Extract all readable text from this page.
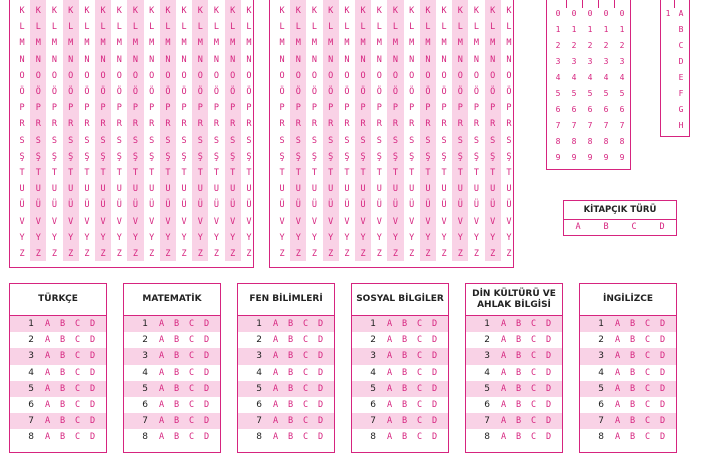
K	K	K	K	K	K	K	K	K	K	K	K	K	K	K
L	L	L	L	L	L	L	L	L	L	L	L	L	L	L
M	M	M	M	M	M	M	M	M	M	M	M	M	M	M
N	N	N	N	N	N	N	N	N	N	N	N	N	N	N
O	O	O	O	O	O	O	O	O	O	O	O	O	O	O
Ö	Ö	Ö	Ö	Ö	Ö	Ö	Ö	Ö	Ö	Ö	Ö	Ö	Ö	Ö
P	P	P	P	P	P	P	P	P	P	P	P	P	P	P
R	R	R	R	R	R	R	R	R	R	R	R	R	R	R
S	S	S	S	S	S	S	S	S	S	S	S	S	S	S
Ş	Ş	Ş	Ş	Ş	Ş	Ş	Ş	Ş	Ş	Ş	Ş	Ş	Ş	Ş
T	T	T	T	T	T	T	T	T	T	T	T	T	T	T
U	U	U	U	U	U	U	U	U	U	U	U	U	U	U
Ü	Ü	Ü	Ü	Ü	Ü	Ü	Ü	Ü	Ü	Ü	Ü	Ü	Ü	Ü
V	V	V	V	V	V	V	V	V	V	V	V	V	V	V
Y	Y	Y	Y	Y	Y	Y	Y	Y	Y	Y	Y	Y	Y	Y
Z	Z	Z	Z	Z	Z	Z	Z	Z	Z	Z	Z	Z	Z	Z
K	K	K	K	K	K	K	K	K	K	K	K	K	K	K
L	L	L	L	L	L	L	L	L	L	L	L	L	L	L
M	M	M	M	M	M	M	M	M	M	M	M	M	M	M
N	N	N	N	N	N	N	N	N	N	N	N	N	N	N
O	O	O	O	O	O	O	O	O	O	O	O	O	O	O
Ö	Ö	Ö	Ö	Ö	Ö	Ö	Ö	Ö	Ö	Ö	Ö	Ö	Ö	Ö
P	P	P	P	P	P	P	P	P	P	P	P	P	P	P
R	R	R	R	R	R	R	R	R	R	R	R	R	R	R
S	S	S	S	S	S	S	S	S	S	S	S	S	S	S
Ş	Ş	Ş	Ş	Ş	Ş	Ş	Ş	Ş	Ş	Ş	Ş	Ş	Ş	Ş
T	T	T	T	T	T	T	T	T	T	T	T	T	T	T
U	U	U	U	U	U	U	U	U	U	U	U	U	U	U
Ü	Ü	Ü	Ü	Ü	Ü	Ü	Ü	Ü	Ü	Ü	Ü	Ü	Ü	Ü
V	V	V	V	V	V	V	V	V	V	V	V	V	V	V
Y	Y	Y	Y	Y	Y	Y	Y	Y	Y	Y	Y	Y	Y	Y
Z	Z	Z	Z	Z	Z	Z	Z	Z	Z	Z	Z	Z	Z	Z
0	0	0	0	0
1	1	1	1	1
2	2	2	2	2
3	3	3	3	3
4	4	4	4	4
5	5	5	5	5
6	6	6	6	6
7	7	7	7	7
8	8	8	8	8
9	9	9	9	9
1	A
B
C
D
E
F
G
H
KİTAPÇIK TÜRÜ
A	B	C	D
TÜRKÇE
1	A	B	C	D
2	A	B	C	D
3	A	B	C	D
4	A	B	C	D
5	A	B	C	D
6	A	B	C	D
7	A	B	C	D
8	A	B	C	D
MATEMATİK
1	A	B	C	D
2	A	B	C	D
3	A	B	C	D
4	A	B	C	D
5	A	B	C	D
6	A	B	C	D
7	A	B	C	D
8	A	B	C	D
FEN BİLİMLERİ
1	A	B	C	D
2	A	B	C	D
3	A	B	C	D
4	A	B	C	D
5	A	B	C	D
6	A	B	C	D
7	A	B	C	D
8	A	B	C	D
SOSYAL BİLGİLER
1	A	B	C	D
2	A	B	C	D
3	A	B	C	D
4	A	B	C	D
5	A	B	C	D
6	A	B	C	D
7	A	B	C	D
8	A	B	C	D
DİN KÜLTÜRÜ VE AHLAK BİLGİSİ
1	A	B	C	D
2	A	B	C	D
3	A	B	C	D
4	A	B	C	D
5	A	B	C	D
6	A	B	C	D
7	A	B	C	D
8	A	B	C	D
İNGİLİZCE
1	A	B	C	D
2	A	B	C	D
3	A	B	C	D
4	A	B	C	D
5	A	B	C	D
6	A	B	C	D
7	A	B	C	D
8	A	B	C	D
